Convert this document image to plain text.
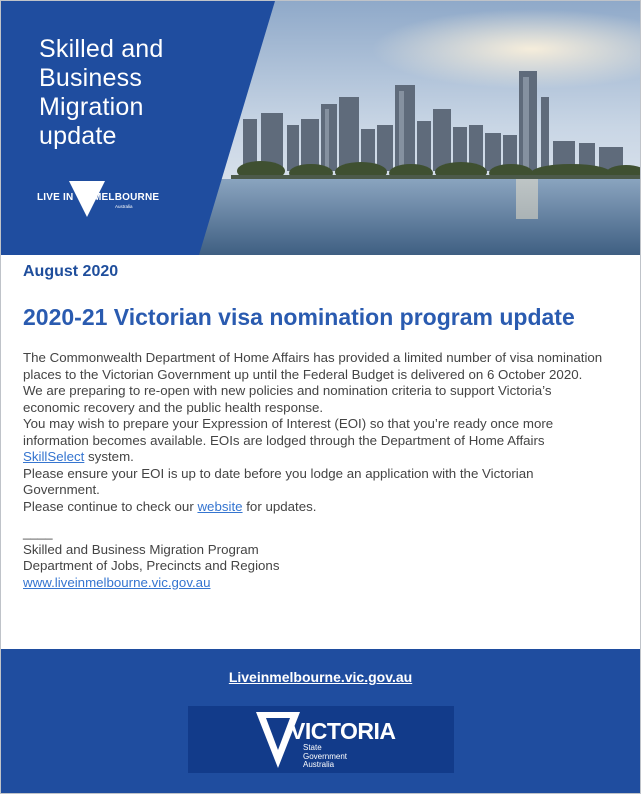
Skilled and
Business
Migration
update
LIVE IN MELBOURNE
Australia

August 2020

2020-21 Victorian visa nomination program update

The Commonwealth Department of Home Affairs has provided a limited number of visa nomination places to the Victorian Government up until the Federal Budget is delivered on 6 October 2020.

We are preparing to re-open with new policies and nomination criteria to support Victoria’s economic recovery and the public health response.

You may wish to prepare your Expression of Interest (EOI) so that you’re ready once more information becomes available. EOIs are lodged through the Department of Home Affairs SkillSelect system.

Please ensure your EOI is up to date before you lodge an application with the Victorian Government.

Please continue to check our website for updates.

____

Skilled and Business Migration Program

Department of Jobs, Precincts and Regions

www.liveinmelbourne.vic.gov.au

Liveinmelbourne.vic.gov.au
VICTORIA
State
Government
Australia
